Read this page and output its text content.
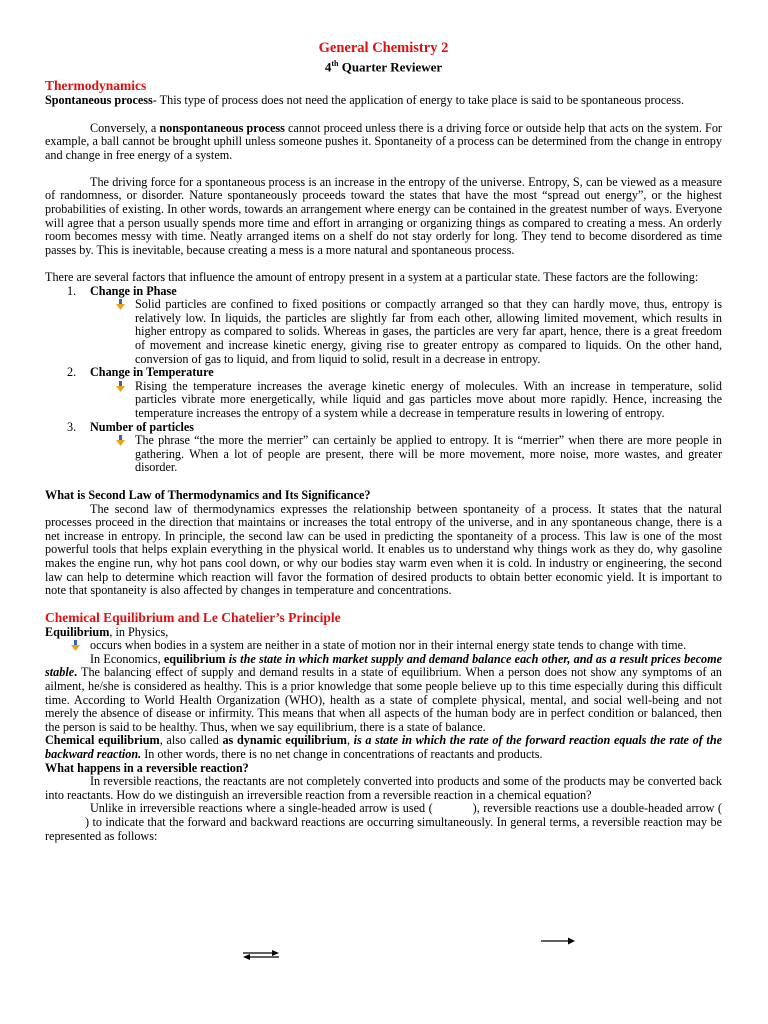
General Chemistry 2
4th Quarter Reviewer
Thermodynamics

Spontaneous process- This type of process does not need the application of energy to take place is said to be spontaneous process.

Conversely, a nonspontaneous process cannot proceed unless there is a driving force or outside help that acts on the system. For example, a ball cannot be brought uphill unless someone pushes it. Spontaneity of a process can be determined from the change in entropy and change in free energy of a system.

The driving force for a spontaneous process is an increase in the entropy of the universe. Entropy, S, can be viewed as a measure of randomness, or disorder. Nature spontaneously proceeds toward the states that have the most “spread out energy”, or the highest probabilities of existing. In other words, towards an arrangement where energy can be contained in the greatest number of ways. Everyone will agree that a person usually spends more time and effort in arranging or organizing things as compared to creating a mess. An orderly room becomes messy with time. Neatly arranged items on a shelf do not stay orderly for long. They tend to become disordered as time passes by. This is inevitable, because creating a mess is a more natural and spontaneous process.

There are several factors that influence the amount of entropy present in a system at a particular state. These factors are the following:

1. Change in Phase
Solid particles are confined to fixed positions or compactly arranged so that they can hardly move, thus, entropy is relatively low. In liquids, the particles are slightly far from each other, allowing limited movement, which results in higher entropy as compared to solids. Whereas in gases, the particles are very far apart, hence, there is a great freedom of movement and increase kinetic energy, giving rise to greater entropy as compared to liquids. On the other hand, conversion of gas to liquid, and from liquid to solid, result in a decrease in entropy.
2. Change in Temperature
Rising the temperature increases the average kinetic energy of molecules. With an increase in temperature, solid particles vibrate more energetically, while liquid and gas particles move about more rapidly. Hence, increasing the temperature increases the entropy of a system while a decrease in temperature results in lowering of entropy.
3. Number of particles
The phrase “the more the merrier” can certainly be applied to entropy. It is “merrier” when there are more people in gathering. When a lot of people are present, there will be more movement, more noise, more wastes, and greater disorder.
What is Second Law of Thermodynamics and Its Significance?

The second law of thermodynamics expresses the relationship between spontaneity of a process. It states that the natural processes proceed in the direction that maintains or increases the total entropy of the universe, and in any spontaneous change, there is a net increase in entropy. In principle, the second law can be used in predicting the spontaneity of a process. This law is one of the most powerful tools that helps explain everything in the physical world. It enables us to understand why things work as they do, why gasoline makes the engine run, why hot pans cool down, or why our bodies stay warm even when it is cold. In industry or engineering, the second law can help to determine which reaction will favor the formation of desired products to obtain better economic yield. It is important to note that spontaneity is also affected by changes in temperature and concentrations.

Chemical Equilibrium and Le Chatelier’s Principle

Equilibrium, in Physics,

occurs when bodies in a system are neither in a state of motion nor in their internal energy state tends to change with time.

In Economics, equilibrium is the state in which market supply and demand balance each other, and as a result prices become stable. The balancing effect of supply and demand results in a state of equilibrium. When a person does not show any symptoms of an ailment, he/she is considered as healthy. This is a prior knowledge that some people believe up to this time especially during this difficult time. According to World Health Organization (WHO), health as a state of complete physical, mental, and social well-being and not merely the absence of disease or infirmity. This means that when all aspects of the human body are in perfect condition or balanced, then the person is said to be healthy. Thus, when we say equilibrium, there is a state of balance.

Chemical equilibrium, also called as dynamic equilibrium, is a state in which the rate of the forward reaction equals the rate of the backward reaction. In other words, there is no net change in concentrations of reactants and products.

What happens in a reversible reaction?

In reversible reactions, the reactants are not completely converted into products and some of the products may be converted back into reactants. How do we distinguish an irreversible reaction from a reversible reaction in a chemical equation?

Unlike in irreversible reactions where a single-headed arrow is used (	), reversible reactions use a double-headed arrow () to indicate that the forward and backward reactions are occurring simultaneously. In general terms, a reversible reaction may be represented as follows:
